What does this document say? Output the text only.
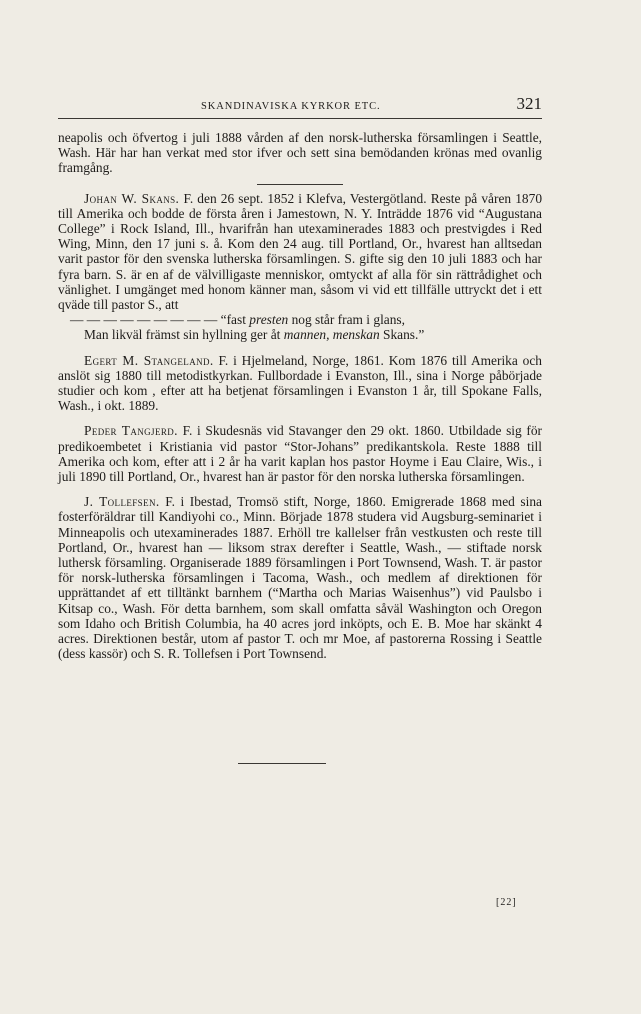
SKANDINAVISKA KYRKOR ETC.	321

neapolis och öfvertog i juli 1888 vården af den norsk-lutherska församlingen i Seattle, Wash. Här har han verkat med stor ifver och sett sina bemödanden krönas med ovanlig framgång.

Johan W. Skans. F. den 26 sept. 1852 i Klefva, Vestergötland. Reste på våren 1870 till Amerika och bodde de första åren i Jamestown, N. Y. Inträdde 1876 vid “Augustana College” i Rock Island, Ill., hvarifrån han utexaminerades 1883 och prestvigdes i Red Wing, Minn, den 17 juni s. å. Kom den 24 aug. till Portland, Or., hvarest han alltsedan varit pastor för den svenska lutherska församlingen. S. gifte sig den 10 juli 1883 och har fyra barn. S. är en af de välvilligaste menniskor, omtyckt af alla för sin rättrådighet och vänlighet. I umgänget med honom känner man, såsom vi vid ett tillfälle uttryckt det i ett qväde till pastor S., att

— — — — — — — — — “fast presten nog står fram i glans,
Man likväl främst sin hyllning ger åt mannen, menskan Skans.”

Egert M. Stangeland. F. i Hjelmeland, Norge, 1861. Kom 1876 till Amerika och anslöt sig 1880 till metodistkyrkan. Fullbordade i Evanston, Ill., sina i Norge påbörjade studier och kom , efter att ha betjenat församlingen i Evanston 1 år, till Spokane Falls, Wash., i okt. 1889.

Peder Tangjerd. F. i Skudesnäs vid Stavanger den 29 okt. 1860. Utbildade sig för predikoembetet i Kristiania vid pastor “Stor-Johans” predikantskola. Reste 1888 till Amerika och kom, efter att i 2 år ha varit kaplan hos pastor Hoyme i Eau Claire, Wis., i juli 1890 till Portland, Or., hvarest han är pastor för den norska lutherska församlingen.

J. Tollefsen. F. i Ibestad, Tromsö stift, Norge, 1860. Emigrerade 1868 med sina fosterföräldrar till Kandiyohi co., Minn. Började 1878 studera vid Augsburg-seminariet i Minneapolis och utexaminerades 1887. Erhöll tre kallelser från vestkusten och reste till Portland, Or., hvarest han — liksom strax derefter i Seattle, Wash., — stiftade norsk luthersk församling. Organiserade 1889 församlingen i Port Townsend, Wash. T. är pastor för norsk-lutherska församlingen i Tacoma, Wash., och medlem af direktionen för upprättandet af ett tilltänkt barnhem (“Martha och Marias Waisenhus”) vid Paulsbo i Kitsap co., Wash. För detta barnhem, som skall omfatta såväl Washington och Oregon som Idaho och British Columbia, ha 40 acres jord inköpts, och E. B. Moe har skänkt 4 acres. Direktionen består, utom af pastor T. och mr Moe, af pastorerna Rossing i Seattle (dess kassör) och S. R. Tollefsen i Port Townsend.

[22]
